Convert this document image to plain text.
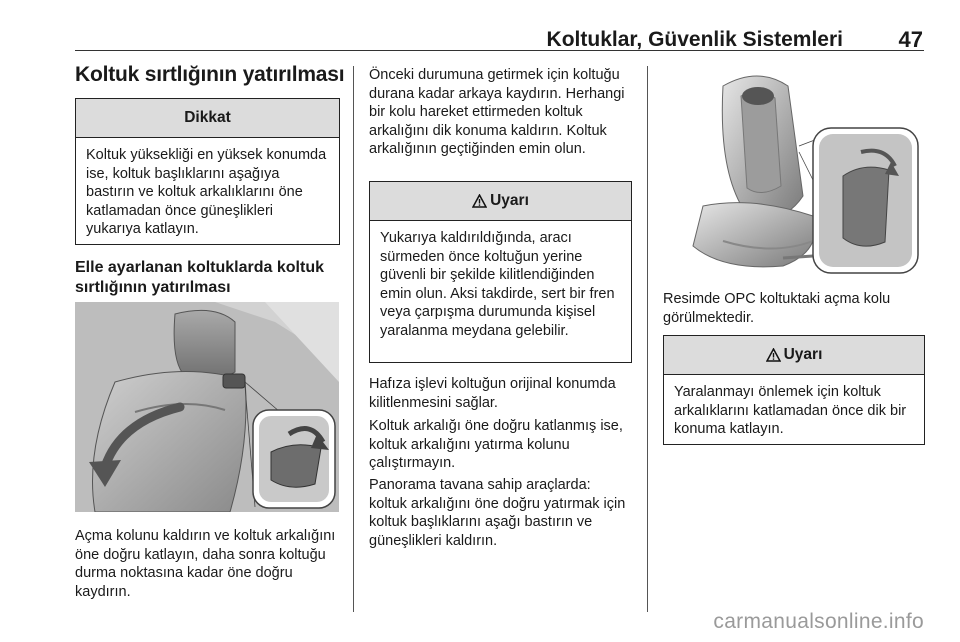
Koltuklar, Güvenlik Sistemleri	47
Koltuk sırtlığının yatırılması
Dikkat
Koltuk yüksekliği en yüksek konumda ise, koltuk başlıklarını aşağıya bastırın ve koltuk arkalıklarını öne katlamadan önce güneşlikleri yukarıya katlayın.
Elle ayarlanan koltuklarda koltuk sırtlığının yatırılması
Açma kolunu kaldırın ve koltuk arkalığını öne doğru katlayın, daha sonra koltuğu durma noktasına kadar öne doğru kaydırın.
Önceki durumuna getirmek için koltuğu durana kadar arkaya kaydırın. Herhangi bir kolu hareket ettirmeden koltuk arkalığını dik konuma kaldırın. Koltuk arkalığının geçtiğinden emin olun.
Uyarı
Yukarıya kaldırıldığında, aracı sürmeden önce koltuğun yerine güvenli bir şekilde kilitlendiğinden emin olun. Aksi takdirde, sert bir fren veya çarpışma durumunda kişisel yaralanma meydana gelebilir.
Hafıza işlevi koltuğun orijinal konumda kilitlenmesini sağlar.
Koltuk arkalığı öne doğru katlanmış ise, koltuk arkalığını yatırma kolunu çalıştırmayın.
Panorama tavana sahip araçlarda: koltuk arkalığını öne doğru yatırmak için koltuk başlıklarını aşağı bastırın ve güneşlikleri kaldırın.
Resimde OPC koltuktaki açma kolu görülmektedir.
Uyarı
Yaralanmayı önlemek için koltuk arkalıklarını katlamadan önce dik bir konuma katlayın.
carmanualsonline.info
